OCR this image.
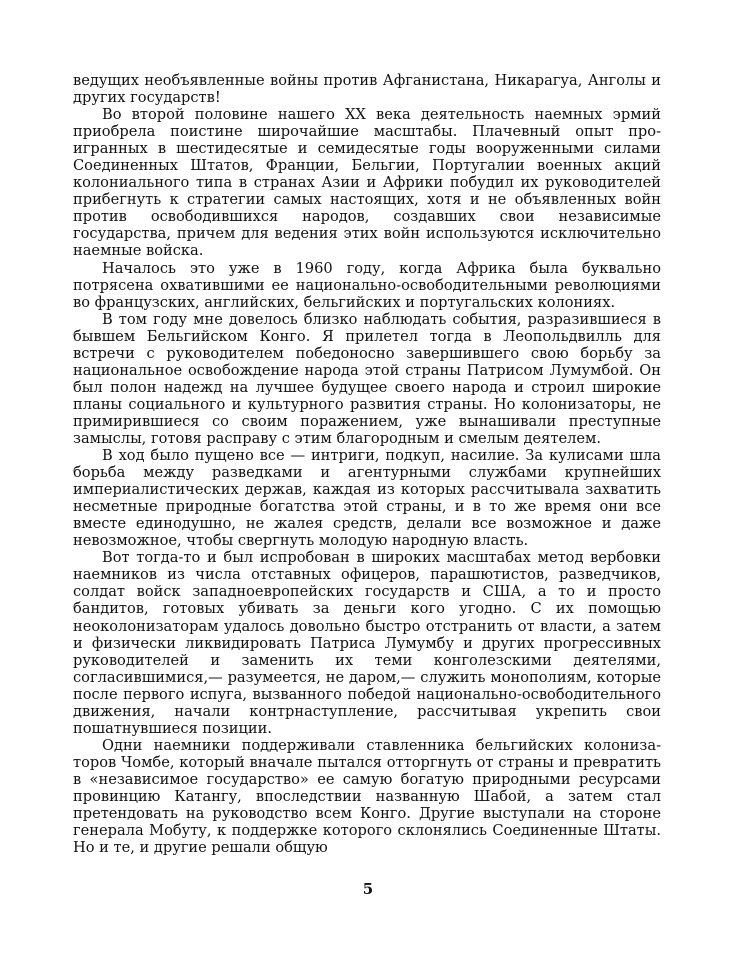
ведущих необъявленные войны против Афганистана, Никарагуа, Анголы и других государств!

Во второй половине нашего XX века деятельность наемных эрмий приобрела поистине широчайшие масштабы. Плачевный опыт проигранных в шестидесятые и семидесятые годы вооруженными силами Соединенных Штатов, Франции, Бельгии, Португалии военных акций колониального типа в странах Азии и Африки побудил их руководителей прибегнуть к стратегии самых настоящих, хотя и не объявленных войн против освободившихся народов, создавших свои независимые государства, причем для ведения этих войн используются исключительно наемные войска.

Началось это уже в 1960 году, когда Африка была буквально потрясена охватившими ее национально-освободительными революциями во французских, английских, бельгийских и португальских колониях.

В том году мне довелось близко наблюдать события, разразившиеся в бывшем Бельгийском Конго. Я прилетел тогда в Леопольдвилль для встречи с руководителем победоносно завершившего свою борьбу за национальное освобождение народа этой страны Патрисом Лумумбой. Он был полон надежд на лучшее будущее своего народа и строил широкие планы социального и культурного развития страны. Но колонизаторы, не примирившиеся со своим поражением, уже вынашивали преступные замыслы, готовя расправу с этим благородным и смелым деятелем.

В ход было пущено все — интриги, подкуп, насилие. За кулисами шла борьба между разведками и агентурными службами крупнейших империалистических держав, каждая из которых рассчитывала захватить несметные природные богатства этой страны, и в то же время они все вместе единодушно, не жалея средств, делали все возможное и даже невозможное, чтобы свергнуть молодую народную власть.

Вот тогда-то и был испробован в широких масштабах метод вербовки наемников из числа отставных офицеров, парашютистов, разведчиков, солдат войск западноевропейских государств и США, а то и просто бандитов, готовых убивать за деньги кого угодно. С их помощью неоколонизаторам удалось довольно быстро отстранить от власти, а затем и физически ликвидировать Патриса Лумумбу и других прогрессивных руководителей и заменить их теми конголезскими деятелями, согласившимися,— разумеется, не даром,— служить монополиям, которые после первого испуга, вызванного победой национально-освободительного движения, начали контрнаступление, рассчитывая укрепить свои пошатнувшиеся позиции.

Одни наемники поддерживали ставленника бельгийских колонизаторов Чомбе, который вначале пытался отторгнуть от страны и превратить в «независимое государство» ее самую богатую природными ресурсами провинцию Катангу, впоследствии названную Шабой, а затем стал претендовать на руководство всем Конго. Другие выступали на стороне генерала Мобуту, к поддержке которого склонялись Соединенные Штаты. Но и те, и другие решали общую

5
